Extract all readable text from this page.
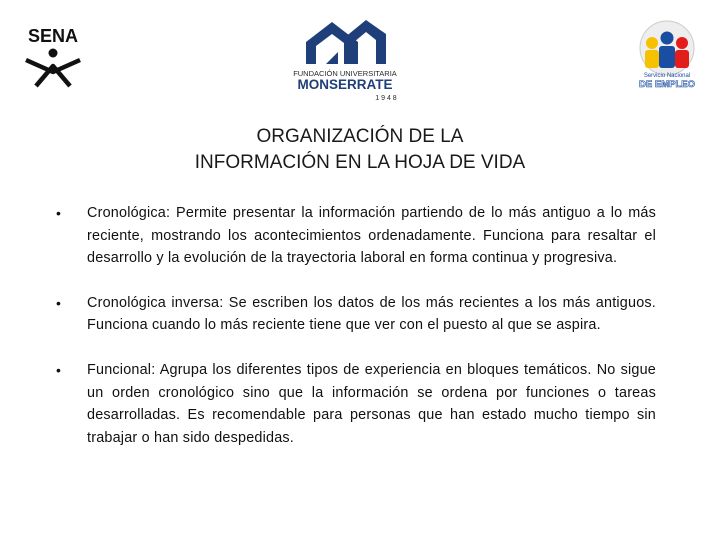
SENA
FUNDACIÓN UNIVERSITARIA
MONSERRATE
1 9 4 8
Servicio Nacional
DE EMPLEO
ORGANIZACIÓN DE LA
INFORMACIÓN EN LA HOJA DE VIDA
•	Cronológica: Permite presentar la información partiendo de lo más antiguo a lo más reciente, mostrando los acontecimientos ordenadamente. Funciona para resaltar el desarrollo y la evolución de la trayectoria laboral en forma continua y progresiva.
•	Cronológica inversa: Se escriben los datos de los más recientes a los más antiguos. Funciona cuando lo más reciente tiene que ver con el puesto al que se aspira.
•	Funcional: Agrupa los diferentes tipos de experiencia en bloques temáticos. No sigue un orden cronológico sino que la información se ordena por funciones o tareas desarrolladas. Es recomendable para personas que han estado mucho tiempo sin trabajar o han sido despedidas.
